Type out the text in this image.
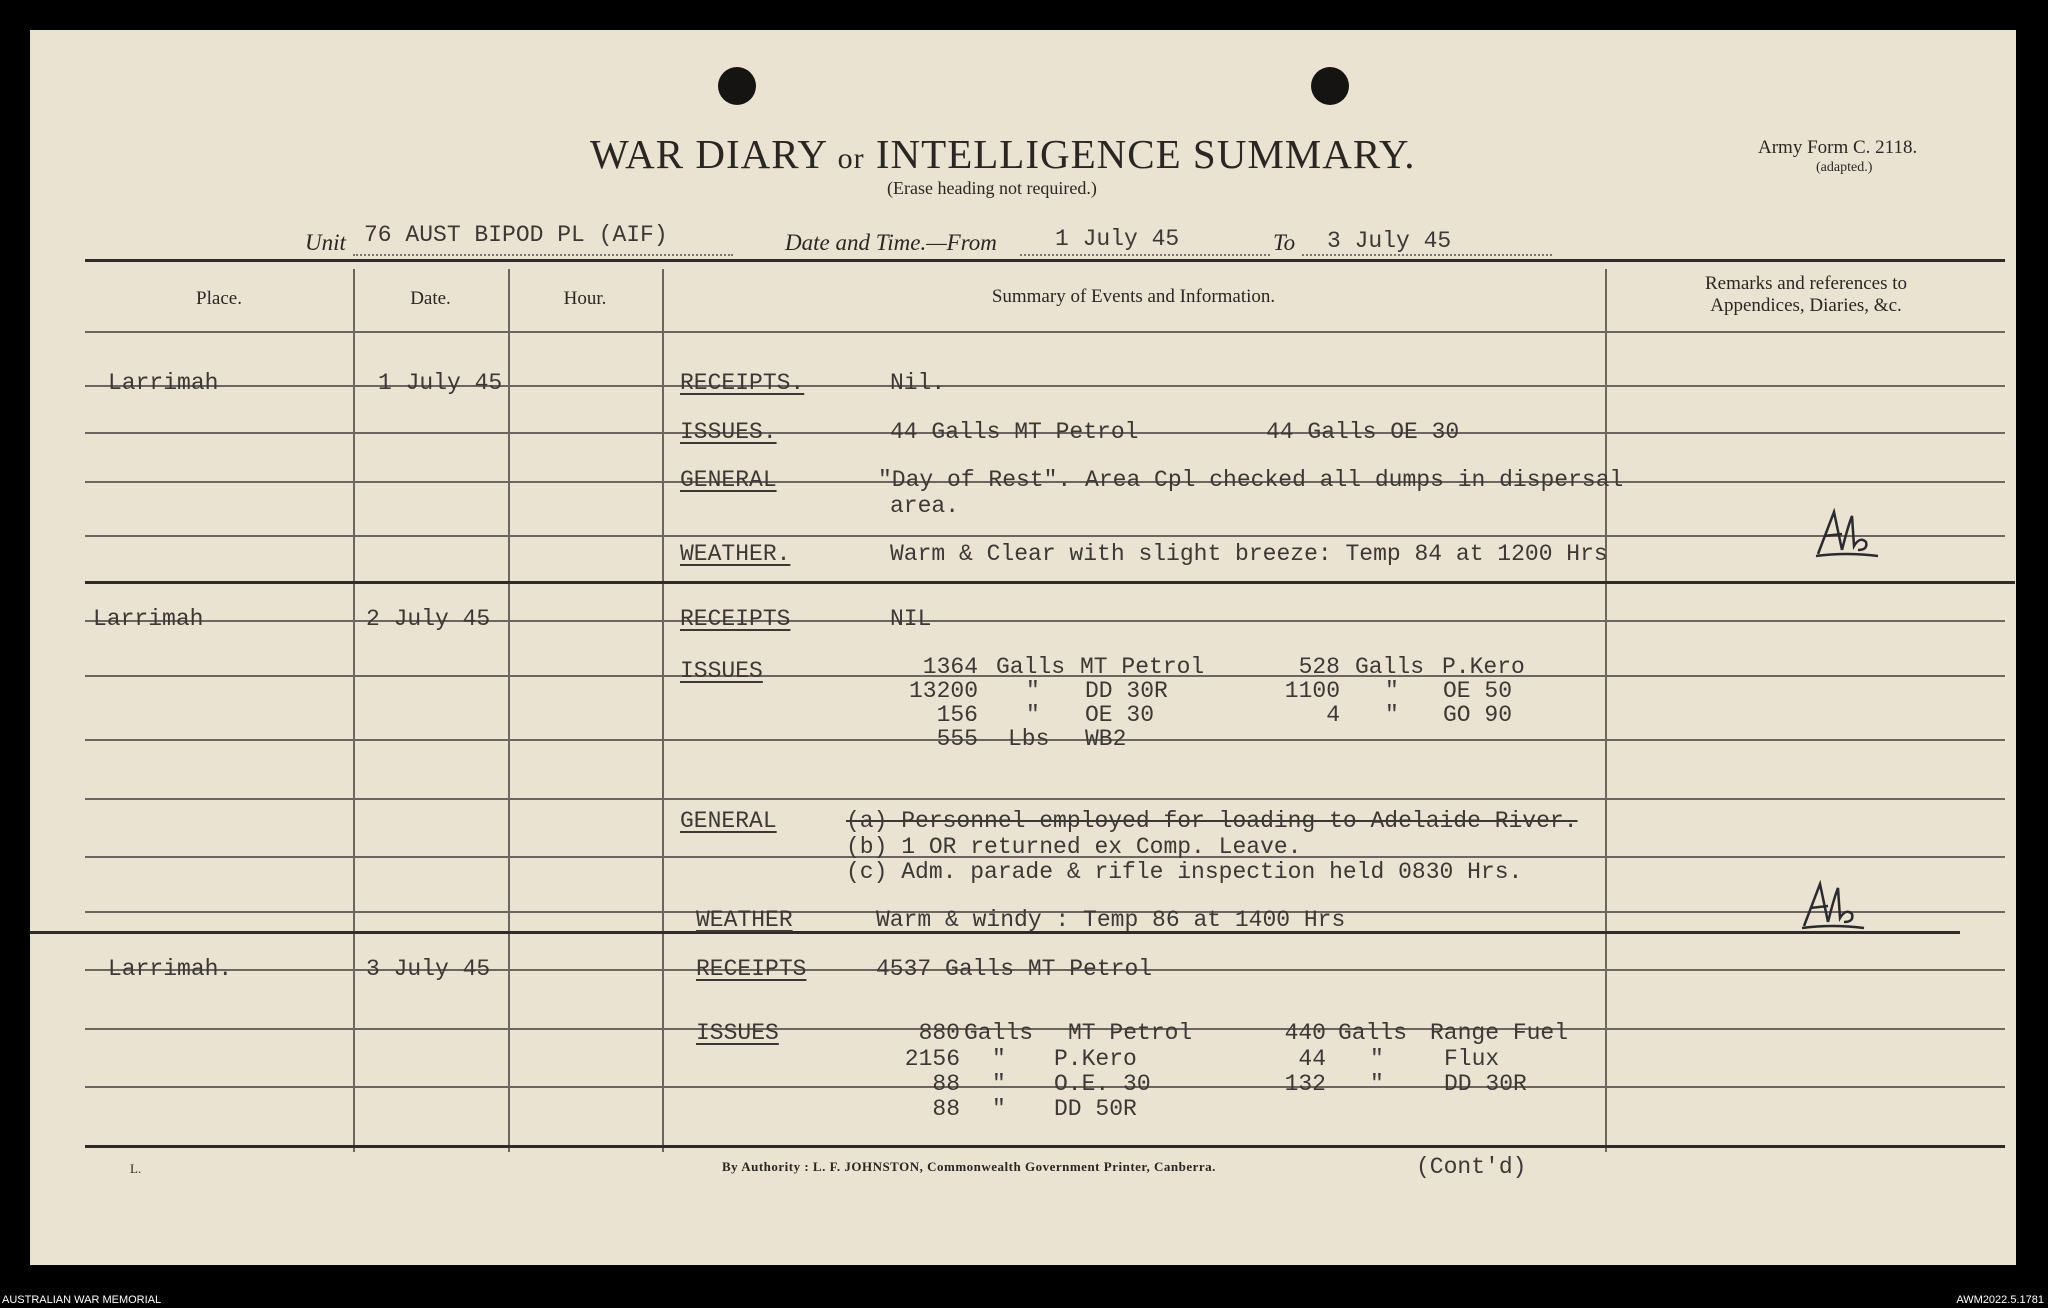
WAR DIARY or INTELLIGENCE SUMMARY.
(Erase heading not required.)
Army Form C. 2118.
(adapted.)
Unit 76 AUST BIPOD PL (AIF)	Date and Time.—From	1 July 45	To 3 July 45
Place.	Date.	Hour.	Summary of Events and Information.
Remarks and references to
Appendices, Diaries, &c.
Larrimah	1 July 45	RECEIPTS.	Nil.
ISSUES.	44 Galls MT Petrol	44 Galls OE 30
GENERAL	"Day of Rest". Area Cpl checked all dumps in dispersal
area.
WEATHER.	Warm & Clear with slight breeze: Temp 84 at 1200 Hrs
Larrimah	2 July 45	RECEIPTS	NIL
ISSUES	1364 Galls MT Petrol	528 Galls P.Kero
13200 " DD 30R	1100 " OE 50
156 " OE 30	4 " GO 90
555 Lbs WB2
GENERAL	(a) Personnel employed for loading to Adelaide River.
(b) 1 OR returned ex Comp. Leave.
(c) Adm. parade & rifle inspection held 0830 Hrs.
WEATHER	Warm & windy : Temp 86 at 1400 Hrs
Larrimah.	3 July 45	RECEIPTS	4537 Galls MT Petrol
ISSUES	880 Galls MT Petrol	440 Galls Range Fuel
2156 " P.Kero	44 "	Flux
88 " O.E. 30	132 "	DD 30R
88 " DD 50R
(Cont'd)
L.	By Authority : L. F. JOHNSTON, Commonwealth Government Printer, Canberra.
AUSTRALIAN WAR MEMORIAL	AWM2022.5.1781
